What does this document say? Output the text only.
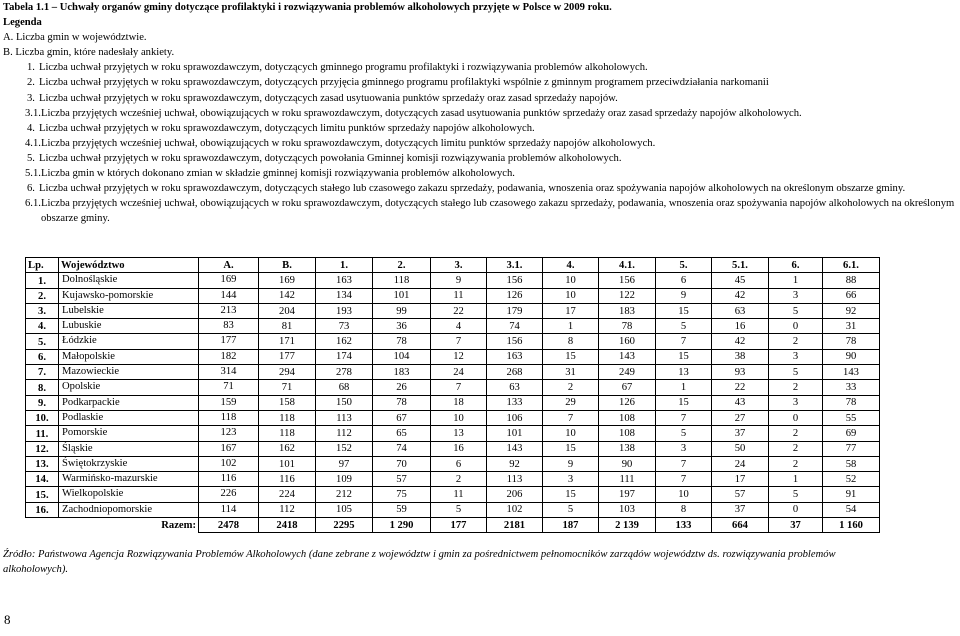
Tabela 1.1 – Uchwały organów gminy dotyczące profilaktyki i rozwiązywania problemów alkoholowych przyjęte w Polsce w 2009 roku.
Legenda
A. Liczba gmin w województwie.
B. Liczba gmin, które nadesłały ankiety.
1. Liczba uchwał przyjętych w roku sprawozdawczym, dotyczących gminnego programu profilaktyki i rozwiązywania problemów alkoholowych.
2. Liczba uchwał przyjętych w roku sprawozdawczym, dotyczących przyjęcia gminnego programu profilaktyki wspólnie z gminnym programem przeciwdziałania narkomanii
3. Liczba uchwał przyjętych w roku sprawozdawczym, dotyczących zasad usytuowania punktów sprzedaży oraz zasad sprzedaży napojów.
3.1. Liczba przyjętych wcześniej uchwał, obowiązujących w roku sprawozdawczym, dotyczących zasad usytuowania punktów sprzedaży oraz zasad sprzedaży napojów alkoholowych.
4. Liczba uchwał przyjętych w roku sprawozdawczym, dotyczących limitu punktów sprzedaży napojów alkoholowych.
4.1. Liczba przyjętych wcześniej uchwał, obowiązujących w roku sprawozdawczym, dotyczących limitu punktów sprzedaży napojów alkoholowych.
5. Liczba uchwał przyjętych w roku sprawozdawczym, dotyczących powołania Gminnej komisji rozwiązywania problemów alkoholowych.
5.1. Liczba gmin w których dokonano zmian w składzie gminnej komisji rozwiązywania problemów alkoholowych.
6. Liczba uchwał przyjętych w roku sprawozdawczym, dotyczących stałego lub czasowego zakazu sprzedaży, podawania, wnoszenia oraz spożywania napojów alkoholowych na określonym obszarze gminy.
6.1. Liczba przyjętych wcześniej uchwał, obowiązujących w roku sprawozdawczym, dotyczących stałego lub czasowego zakazu sprzedaży, podawania, wnoszenia oraz spożywania napojów alkoholowych na określonym obszarze gminy.
Lp.	Województwo	A.	B.	1.	2.	3.	3.1.	4.	4.1.	5.	5.1.	6.	6.1.
1.	Dolnośląskie	169	169	163	118	9	156	10	156	6	45	1	88
2.	Kujawsko-pomorskie	144	142	134	101	11	126	10	122	9	42	3	66
3.	Lubelskie	213	204	193	99	22	179	17	183	15	63	5	92
4.	Lubuskie	83	81	73	36	4	74	1	78	5	16	0	31
5.	Łódzkie	177	171	162	78	7	156	8	160	7	42	2	78
6.	Małopolskie	182	177	174	104	12	163	15	143	15	38	3	90
7.	Mazowieckie	314	294	278	183	24	268	31	249	13	93	5	143
8.	Opolskie	71	71	68	26	7	63	2	67	1	22	2	33
9.	Podkarpackie	159	158	150	78	18	133	29	126	15	43	3	78
10.	Podlaskie	118	118	113	67	10	106	7	108	7	27	0	55
11.	Pomorskie	123	118	112	65	13	101	10	108	5	37	2	69
12.	Śląskie	167	162	152	74	16	143	15	138	3	50	2	77
13.	Świętokrzyskie	102	101	97	70	6	92	9	90	7	24	2	58
14.	Warmińsko-mazurskie	116	116	109	57	2	113	3	111	7	17	1	52
15.	Wielkopolskie	226	224	212	75	11	206	15	197	10	57	5	91
16.	Zachodniopomorskie	114	112	105	59	5	102	5	103	8	37	0	54
	Razem:	2478	2418	2295	1 290	177	2181	187	2 139	133	664	37	1 160
Źródło: Państwowa Agencja Rozwiązywania Problemów Alkoholowych (dane zebrane z województw i gmin za pośrednictwem pełnomocników zarządów województw ds. rozwiązywania problemów alkoholowych).
8
